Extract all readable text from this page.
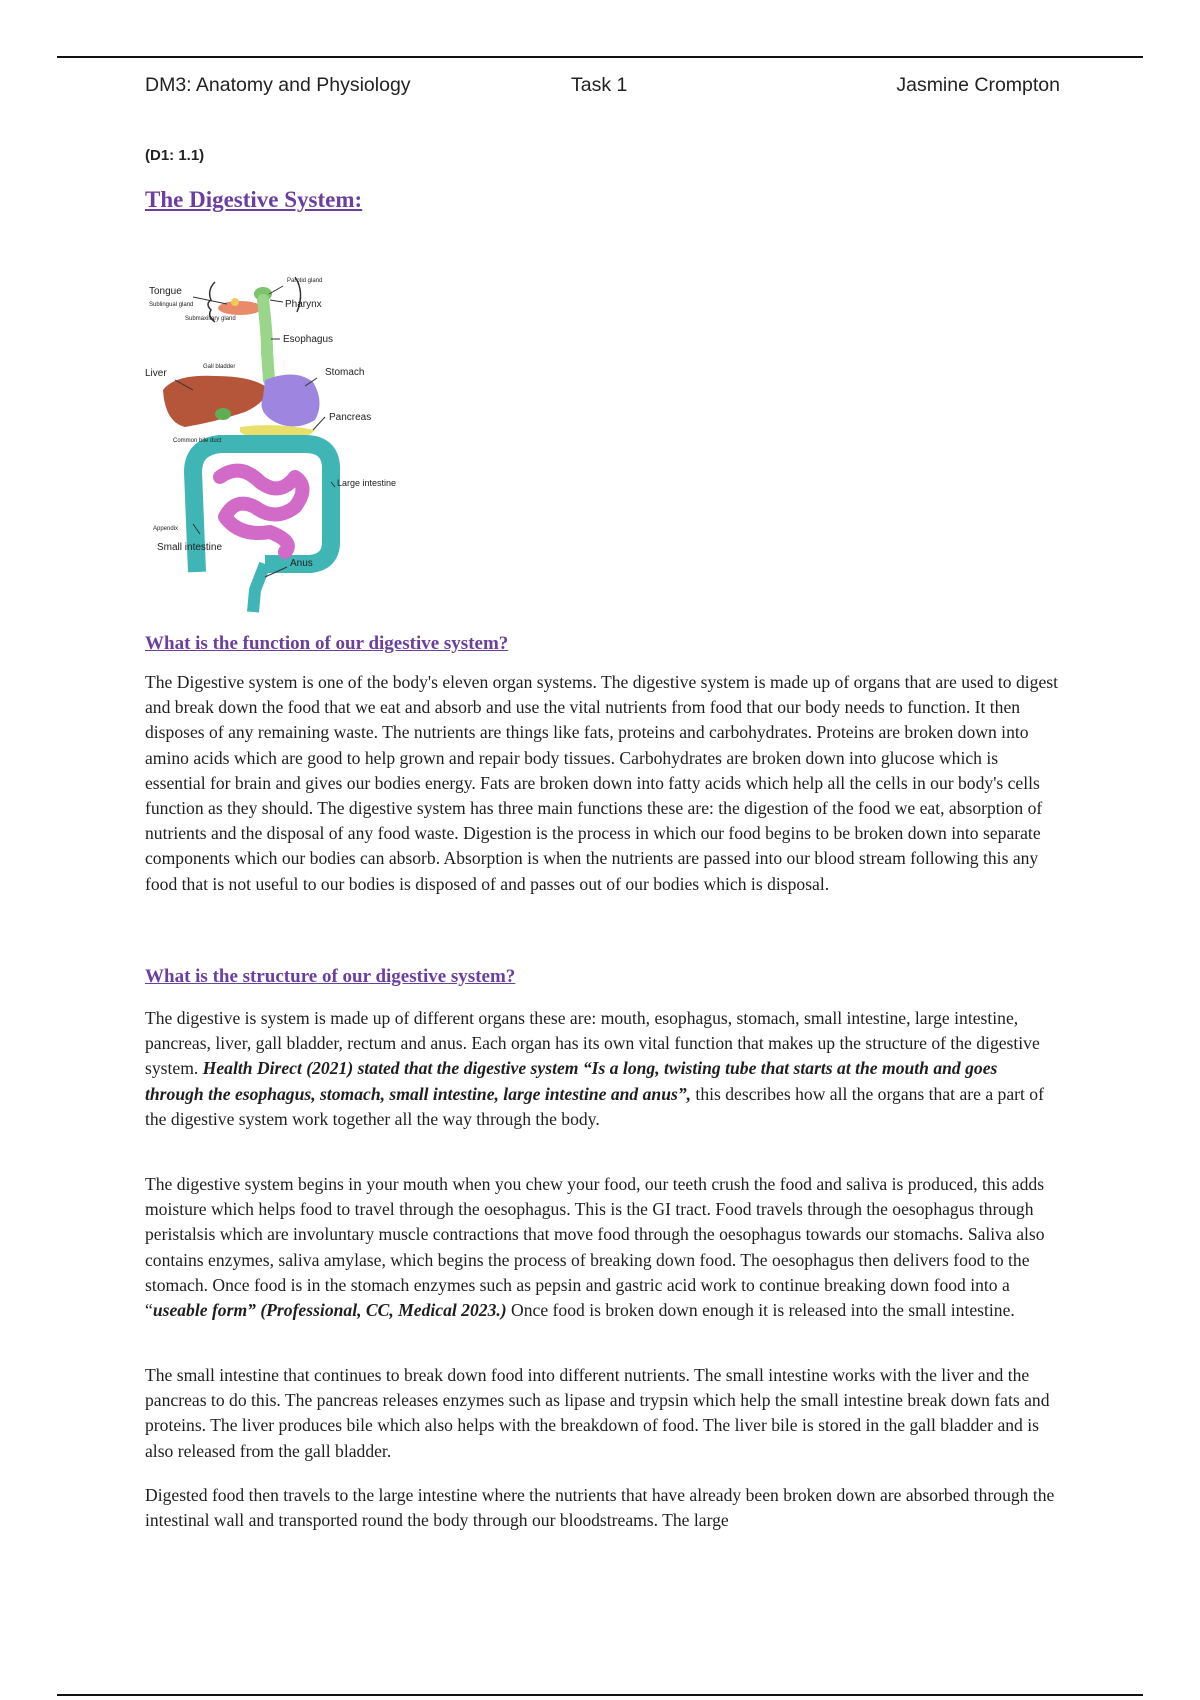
DM3: Anatomy and Physiology	Task 1	Jasmine Crompton
(D1: 1.1)
The Digestive System:
Tongue
Parotid gland
Sublingual gland
Submaxillary gland
Pharynx
Esophagus
Gall bladder
Liver	Stomach
Pancreas
Common bile duct
Large intestine
Appendix
Small intestine
Anus
What is the function of our digestive system?

The Digestive system is one of the body's eleven organ systems. The digestive system is made up of organs that are used to digest and break down the food that we eat and absorb and use the vital nutrients from food that our body needs to function. It then disposes of any remaining waste. The nutrients are things like fats, proteins and carbohydrates. Proteins are broken down into amino acids which are good to help grown and repair body tissues. Carbohydrates are broken down into glucose which is essential for brain and gives our bodies energy. Fats are broken down into fatty acids which help all the cells in our body's cells function as they should. The digestive system has three main functions these are: the digestion of the food we eat, absorption of nutrients and the disposal of any food waste. Digestion is the process in which our food begins to be broken down into separate components which our bodies can absorb. Absorption is when the nutrients are passed into our blood stream following this any food that is not useful to our bodies is disposed of and passes out of our bodies which is disposal.

What is the structure of our digestive system?

The digestive is system is made up of different organs these are: mouth, esophagus, stomach, small intestine, large intestine, pancreas, liver, gall bladder, rectum and anus. Each organ has its own vital function that makes up the structure of the digestive system. Health Direct (2021) stated that the digestive system “Is a long, twisting tube that starts at the mouth and goes through the esophagus, stomach, small intestine, large intestine and anus”, this describes how all the organs that are a part of the digestive system work together all the way through the body.

The digestive system begins in your mouth when you chew your food, our teeth crush the food and saliva is produced, this adds moisture which helps food to travel through the oesophagus. This is the GI tract. Food travels through the oesophagus through peristalsis which are involuntary muscle contractions that move food through the oesophagus towards our stomachs. Saliva also contains enzymes, saliva amylase, which begins the process of breaking down food. The oesophagus then delivers food to the stomach. Once food is in the stomach enzymes such as pepsin and gastric acid work to continue breaking down food into a “useable form” (Professional, CC, Medical 2023.) Once food is broken down enough it is released into the small intestine.

The small intestine that continues to break down food into different nutrients. The small intestine works with the liver and the pancreas to do this. The pancreas releases enzymes such as lipase and trypsin which help the small intestine break down fats and proteins. The liver produces bile which also helps with the breakdown of food. The liver bile is stored in the gall bladder and is also released from the gall bladder.

Digested food then travels to the large intestine where the nutrients that have already been broken down are absorbed through the intestinal wall and transported round the body through our bloodstreams. The large
